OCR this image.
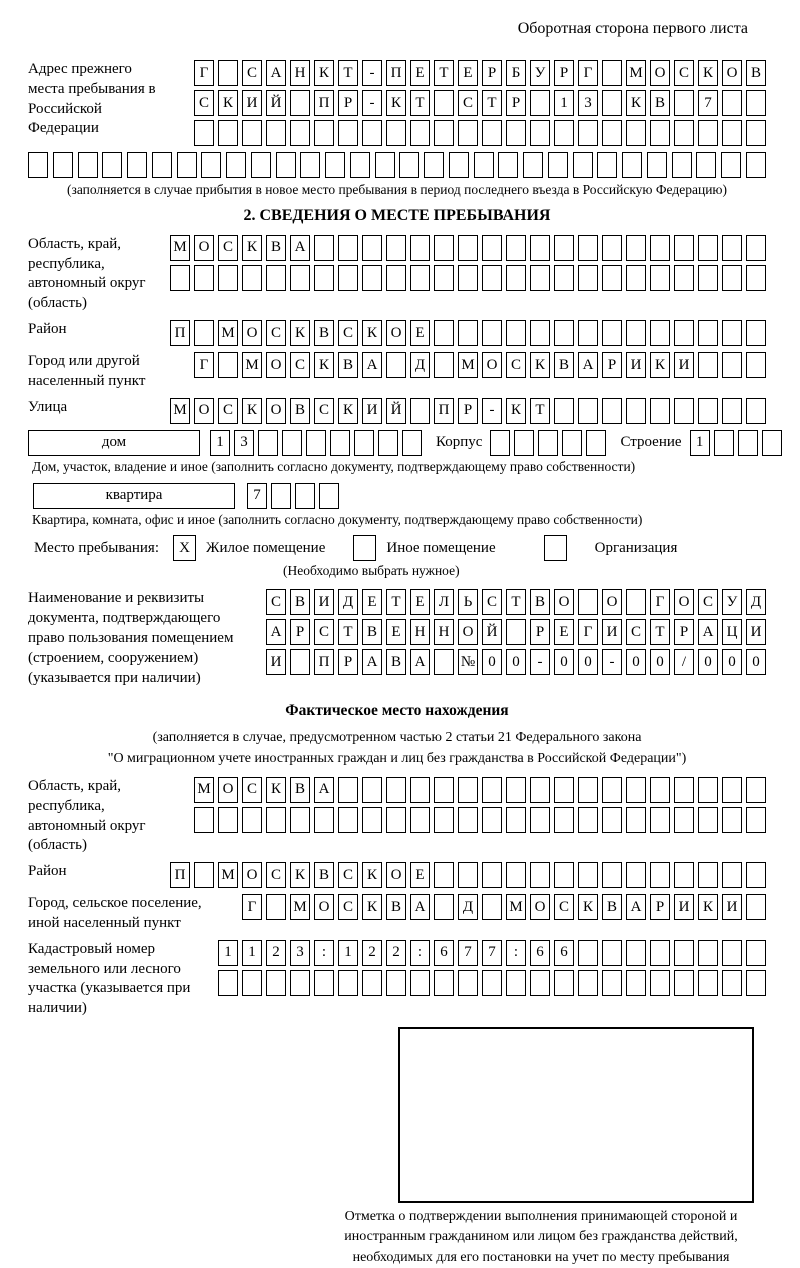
Оборотная сторона первого листа
Адрес прежнего места пребывания в Российской Федерации
Г	С А Н К Т	-	П Е Т Е	Р	Б У Р	Г	М О С К О В
С К И Й	П Р	-	К Т	С Т	Р	1	3	К В	7
(заполняется в случае прибытия в новое место пребывания в период последнего въезда в Российскую Федерацию)
2. СВЕДЕНИЯ О МЕСТЕ ПРЕБЫВАНИЯ
Область, край, республика, автономный округ (область)
М О С К В А
Район	П	М О С К В С К О Е
Город или другой населенный пункт
Г	М О С К В А	Д	М О С К В А Р И К И
Улица	М О С К О В С К И Й	П Р	-	К Т
дом	1	3	Корпус	Строение 1
Дом, участок, владение и иное (заполнить согласно документу, подтверждающему право собственности)
квартира	7
Квартира, комната, офис и иное (заполнить согласно документу, подтверждающему право собственности)
Место пребывания:	X	Жилое помещение	Иное помещение	Организация
(Необходимо выбрать нужное)
Наименование и реквизиты документа, подтверждающего право пользования помещением (строением, сооружением) (указывается при наличии)
С В И Д Е Т Е Л Ь С Т В О	О	Г О С У Д
А Р С Т В Е Н Н О Й	Р	Е	Г И С Т	Р А Ц И
И	П Р А В А	№ 0	0	-	0	0	-	0	0	/	0	0	0
Фактическое место нахождения
(заполняется в случае, предусмотренном частью 2 статьи 21 Федерального закона
"О миграционном учете иностранных граждан и лиц без гражданства в Российской Федерации")
Область, край, республика, автономный округ (область)
М О С К В А
Район	П	М О С К В С К О Е
Город, сельское поселение, иной населенный пункт
Г	М О С К В А	Д	М О С К В А Р И К И
Кадастровый номер земельного или лесного участка (указывается при наличии)
1	1	2	3	:	1	2	2	:	6	7	7	:	6	6
Отметка о подтверждении выполнения принимающей стороной и иностранным гражданином или лицом без гражданства действий, необходимых для его постановки на учет по месту пребывания
